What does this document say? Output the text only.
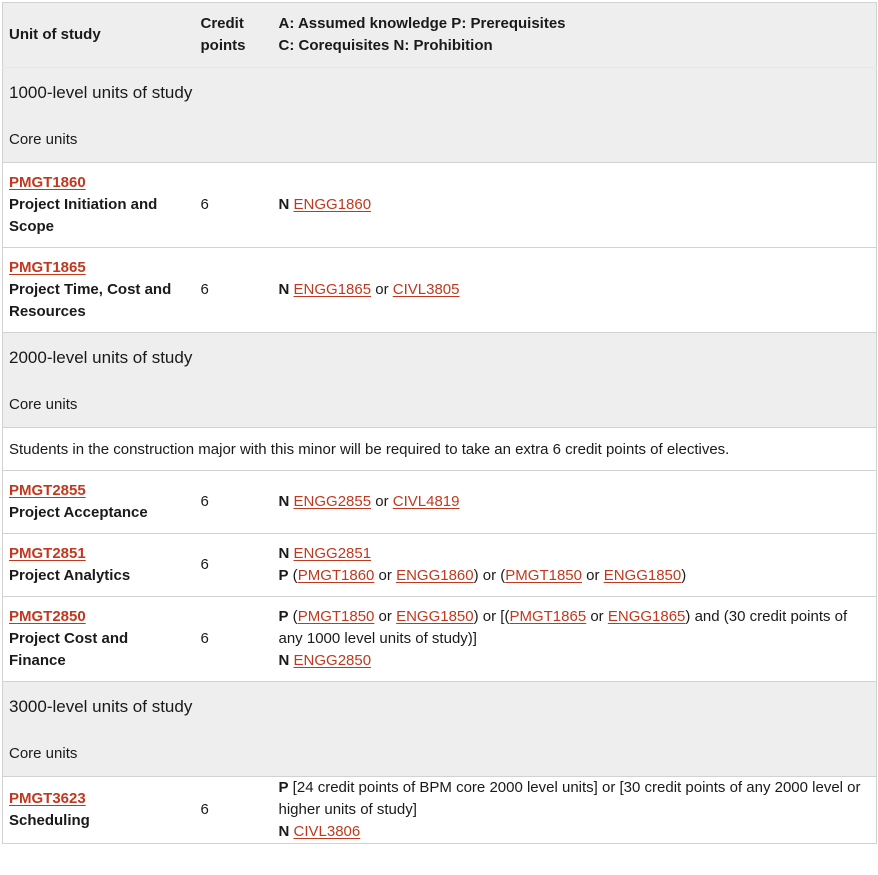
Unit of study	Credit points	A: Assumed knowledge P: Prerequisites
C: Corequisites N: Prohibition

1000-level units of study		
Core units		

PMGT1860
Project Initiation and Scope	6	N ENGG1860

PMGT1865
Project Time, Cost and Resources	6	N ENGG1865 or CIVL3805

2000-level units of study		
Core units		
Students in the construction major with this minor will be required to take an extra 6 credit points of electives.		

PMGT2855
Project Acceptance	6	N ENGG2855 or CIVL4819

PMGT2851
Project Analytics	6	N ENGG2851
P (PMGT1860 or ENGG1860) or (PMGT1850 or ENGG1850)

PMGT2850
Project Cost and Finance	6	P (PMGT1850 or ENGG1850) or [(PMGT1865 or ENGG1865) and (30 credit points of any 1000 level units of study)]
N ENGG2850

3000-level units of study		
Core units		

PMGT3623
Scheduling	6	P [24 credit points of BPM core 2000 level units] or [30 credit points of any 2000 level or higher units of study]
N CIVL3806
